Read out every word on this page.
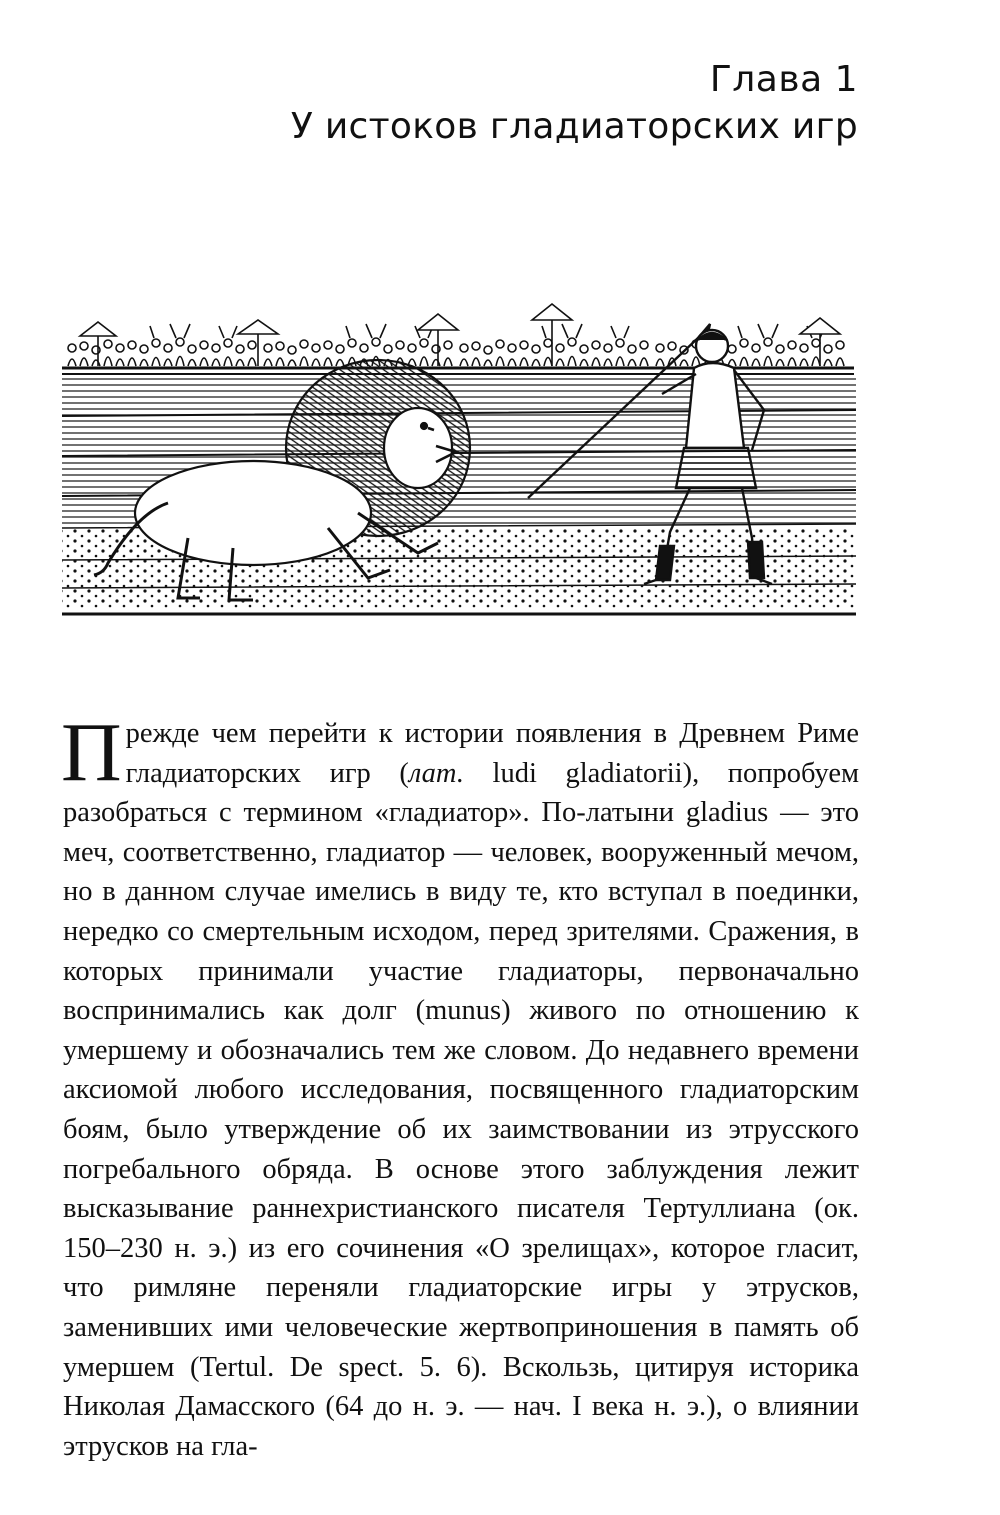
Глава 1
У истоков гладиаторских игр

Прежде чем перейти к истории появления в Древнем Риме гладиаторских игр (лат. ludi gladiatorii), попробуем разобраться с термином «гладиатор». По-латыни gladius — это меч, соответственно, гладиатор — человек, вооруженный мечом, но в данном случае имелись в виду те, кто вступал в поединки, нередко со смертельным исходом, перед зрителями. Сражения, в которых принимали участие гладиаторы, первоначально воспринимались как долг (munus) живого по отношению к умершему и обозначались тем же словом. До недавнего времени аксиомой любого исследования, посвященного гладиаторским боям, было утверждение об их заимствовании из этрусского погребального обряда. В основе этого заблуждения лежит высказывание раннехристианского писателя Тертуллиана (ок. 150–230 н. э.) из его сочинения «О зрелищах», которое гласит, что римляне переняли гладиаторские игры у этрусков, заменивших ими человеческие жертвоприношения в память об умершем (Tertul. De spect. 5. 6). Вскользь, цитируя историка Николая Дамасского (64 до н. э. — нач. I века н. э.), о влиянии этрусков на гла-
